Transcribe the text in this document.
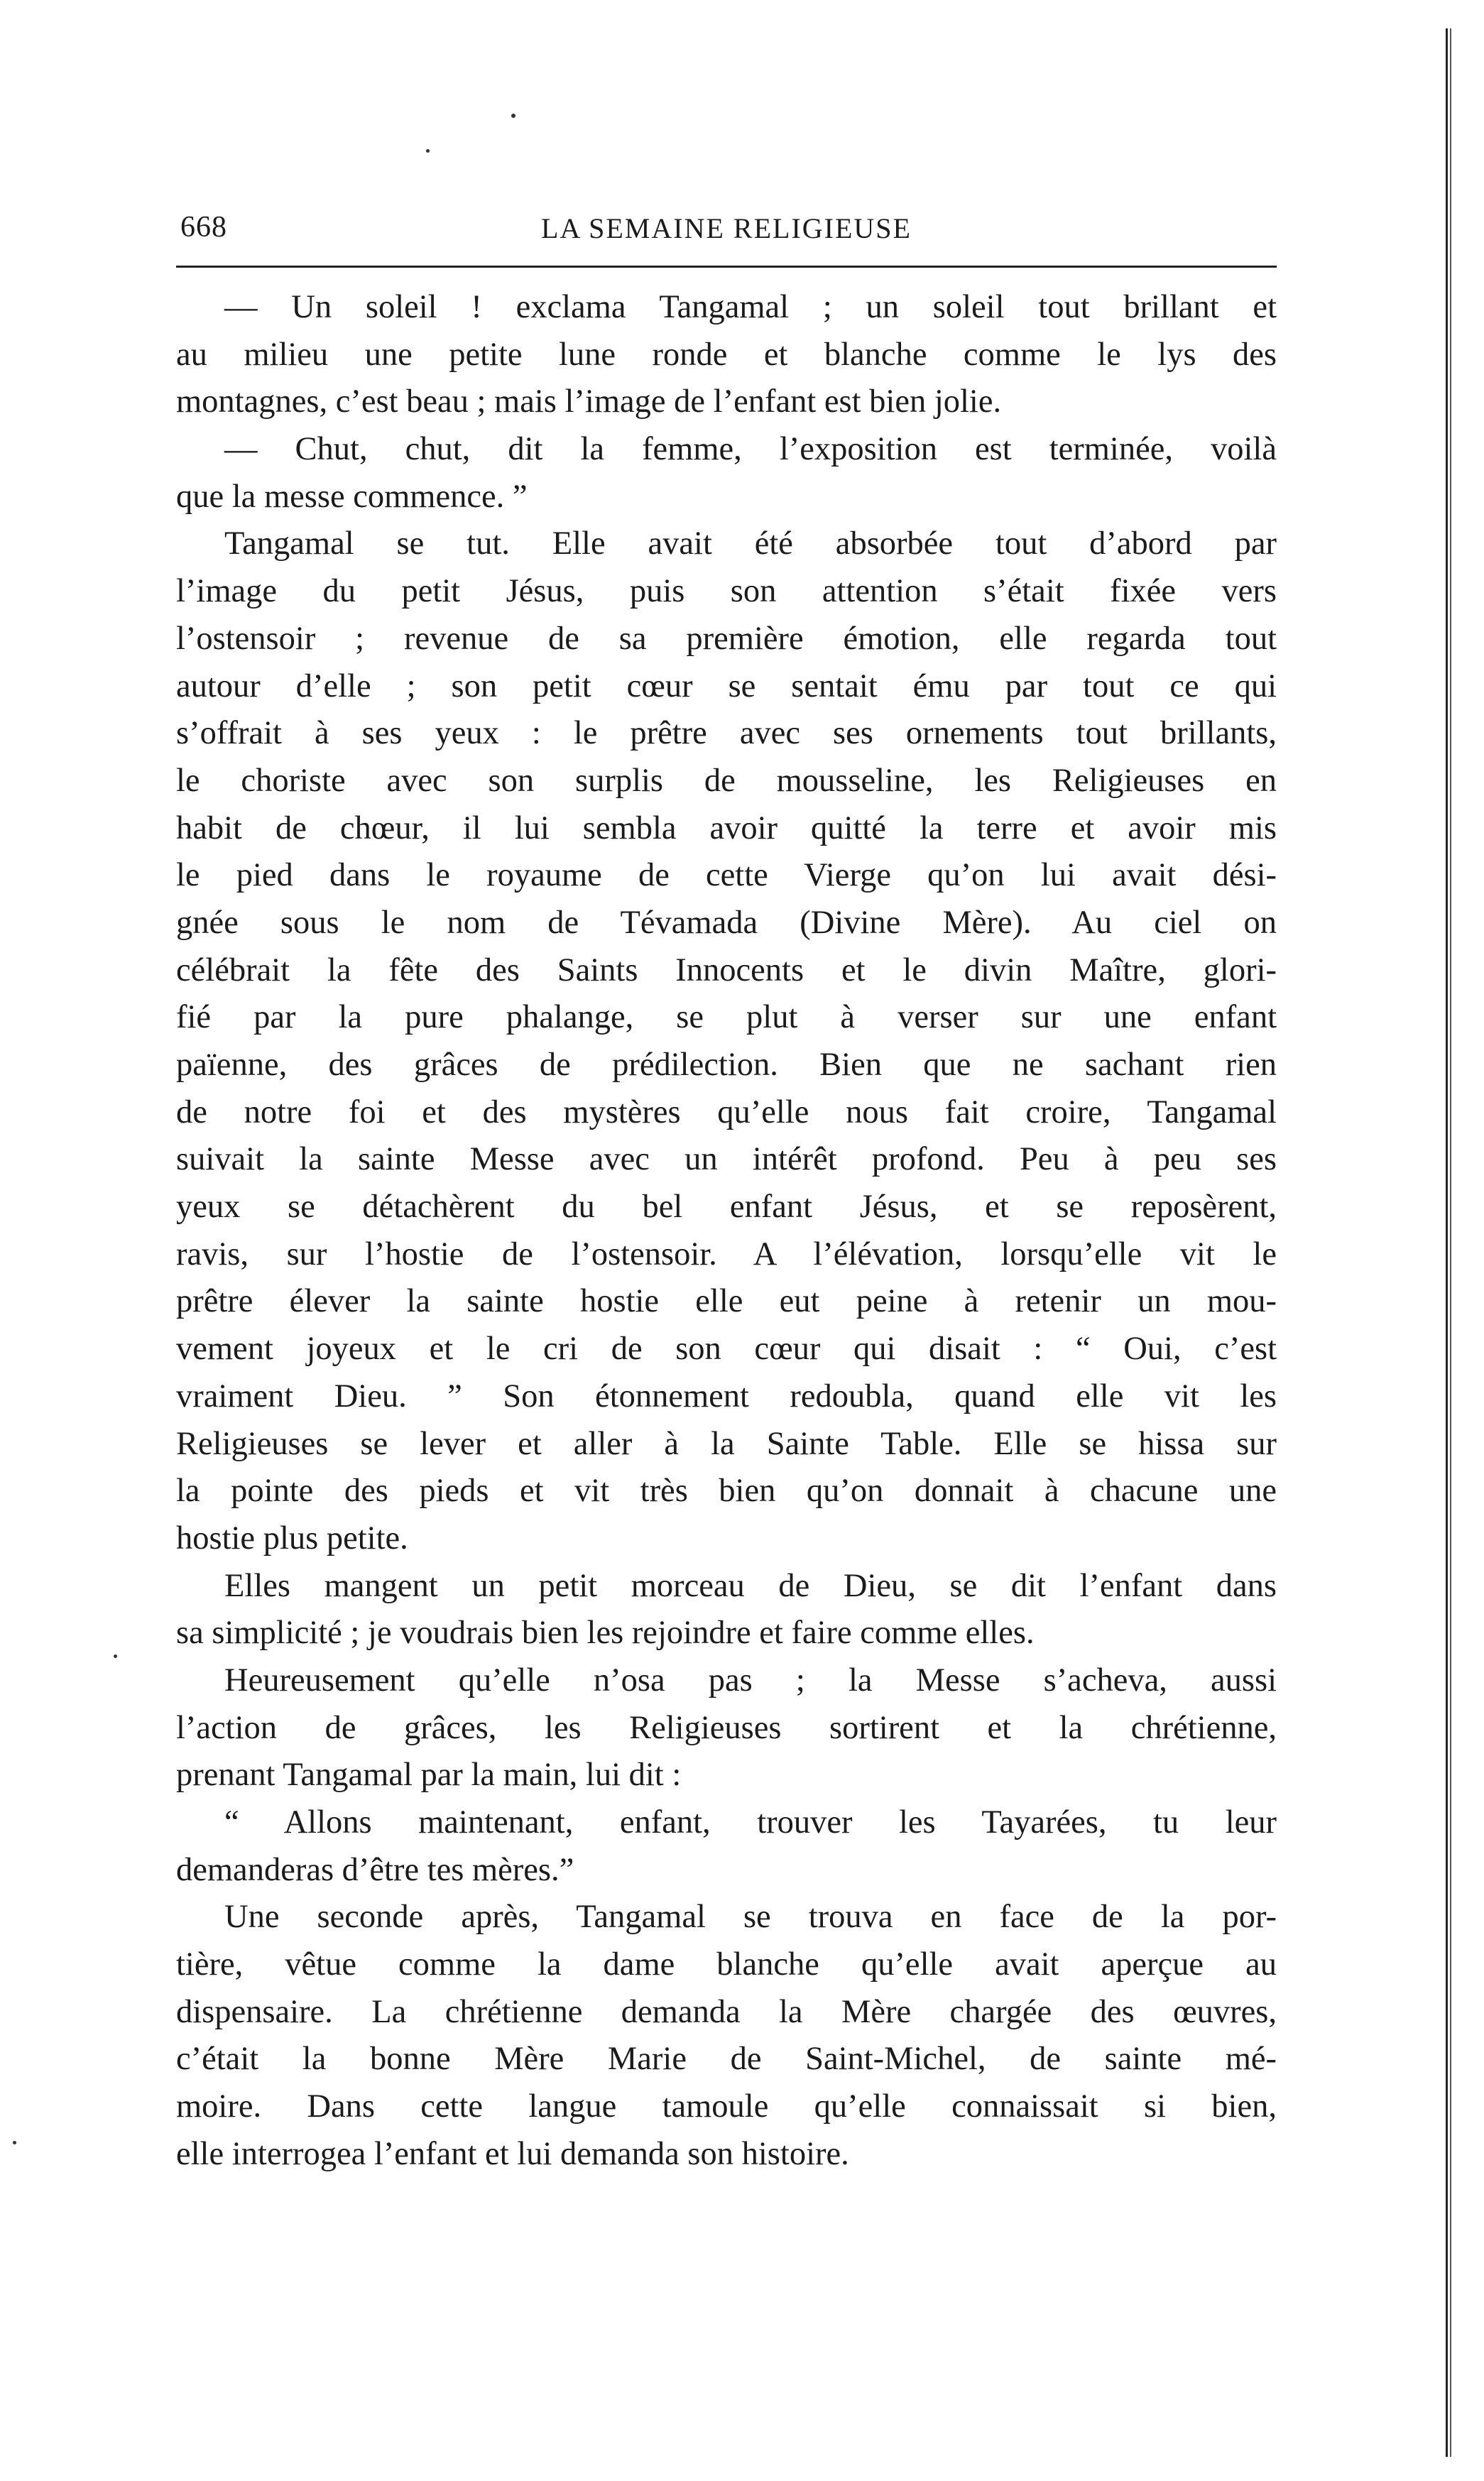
668	LA SEMAINE RELIGIEUSE
— Un soleil ! exclama Tangamal ; un soleil tout brillant et
au milieu une petite lune ronde et blanche comme le lys des
montagnes, c’est beau ; mais l’image de l’enfant est bien jolie.
— Chut, chut, dit la femme, l’exposition est terminée, voilà
que la messe commence. ”
Tangamal se tut. Elle avait été absorbée tout d’abord par
l’image du petit Jésus, puis son attention s’était fixée vers
l’ostensoir ; revenue de sa première émotion, elle regarda tout
autour d’elle ; son petit cœur se sentait ému par tout ce qui
s’offrait à ses yeux : le prêtre avec ses ornements tout brillants,
le choriste avec son surplis de mousseline, les Religieuses en
habit de chœur, il lui sembla avoir quitté la terre et avoir mis
le pied dans le royaume de cette Vierge qu’on lui avait dési-
gnée sous le nom de Tévamada (Divine Mère). Au ciel on
célébrait la fête des Saints Innocents et le divin Maître, glori-
fié par la pure phalange, se plut à verser sur une enfant
païenne, des grâces de prédilection. Bien que ne sachant rien
de notre foi et des mystères qu’elle nous fait croire, Tangamal
suivait la sainte Messe avec un intérêt profond. Peu à peu ses
yeux se détachèrent du bel enfant Jésus, et se reposèrent,
ravis, sur l’hostie de l’ostensoir. A l’élévation, lorsqu’elle vit le
prêtre élever la sainte hostie elle eut peine à retenir un mou-
vement joyeux et le cri de son cœur qui disait : “ Oui, c’est
vraiment Dieu. ” Son étonnement redoubla, quand elle vit les
Religieuses se lever et aller à la Sainte Table. Elle se hissa sur
la pointe des pieds et vit très bien qu’on donnait à chacune une
hostie plus petite.
Elles mangent un petit morceau de Dieu, se dit l’enfant dans
sa simplicité ; je voudrais bien les rejoindre et faire comme elles.
Heureusement qu’elle n’osa pas ; la Messe s’acheva, aussi
l’action de grâces, les Religieuses sortirent et la chrétienne,
prenant Tangamal par la main, lui dit :
“ Allons maintenant, enfant, trouver les Tayarées, tu leur
demanderas d’être tes mères.”
Une seconde après, Tangamal se trouva en face de la por-
tière, vêtue comme la dame blanche qu’elle avait aperçue au
dispensaire. La chrétienne demanda la Mère chargée des œuvres,
c’était la bonne Mère Marie de Saint-Michel, de sainte mé-
moire. Dans cette langue tamoule qu’elle connaissait si bien,
elle interrogea l’enfant et lui demanda son histoire.
